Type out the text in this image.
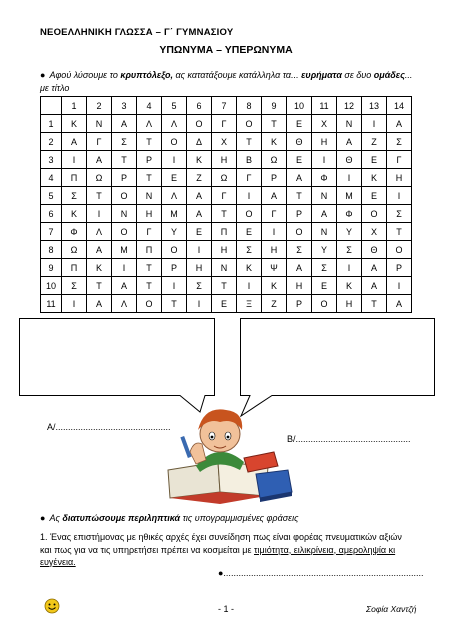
ΝΕΟΕΛΛΗΝΙΚΗ ΓΛΩΣΣΑ – Γ΄ ΓΥΜΝΑΣΙΟΥ
ΥΠΩΝΥΜΑ – ΥΠΕΡΩΝΥΜΑ
● Αφού λύσουμε το κρυπτόλεξο, ας κατατάξουμε κατάλληλα τα... ευρήματα σε δυο ομάδες... με τίτλο
	1	2	3	4	5	6	7	8	9	10	11	12	13	14
1	Κ	Ν	Α	Λ	Λ	Ο	Γ	Ο	Τ	Ε	Χ	Ν	Ι	Α
2	Α	Γ	Σ	Τ	Ο	Δ	Χ	Τ	Κ	Θ	Η	Α	Ζ	Σ
3	Ι	Α	Τ	Ρ	Ι	Κ	Η	Β	Ω	Ε	Ι	Θ	Ε	Γ
4	Π	Ω	Ρ	Τ	Ε	Ζ	Ω	Γ	Ρ	Α	Φ	Ι	Κ	Η
5	Σ	Τ	Ο	Ν	Λ	Α	Γ	Ι	Α	Τ	Ν	Μ	Ε	Ι
6	Κ	Ι	Ν	Η	Μ	Α	Τ	Ο	Γ	Ρ	Α	Φ	Ο	Σ
7	Φ	Λ	Ο	Γ	Υ	Ε	Π	Ε	Ι	Ο	Ν	Υ	Χ	Τ
8	Ω	Α	Μ	Π	Ο	Ι	Η	Σ	Η	Σ	Υ	Σ	Θ	Ο
9	Π	Κ	Ι	Τ	Ρ	Η	Ν	Κ	Ψ	Α	Σ	Ι	Α	Ρ
10	Σ	Τ	Α	Τ	Ι	Σ	Τ	Ι	Κ	Η	Ε	Κ	Α	Ι
11	Ι	Α	Λ	Ο	Τ	Ι	Ε	Ξ	Ζ	Ρ	Ο	Η	Τ	Α
Α/..............................................
Β/..............................................
● Ας διατυπώσουμε περιληπτικά τις υπογραμμισμένες φράσεις
1. Ένας επιστήμονας με ηθικές αρχές έχει συνείδηση πως είναι φορέας πνευματικών αξιών και πως για να τις υπηρετήσει πρέπει να κοσμείται με τιμιότητα, ειλικρίνεια, αμεροληψία κι ευγένεια.
●................................................................................
- 1 -	Σοφία Χαντζή
